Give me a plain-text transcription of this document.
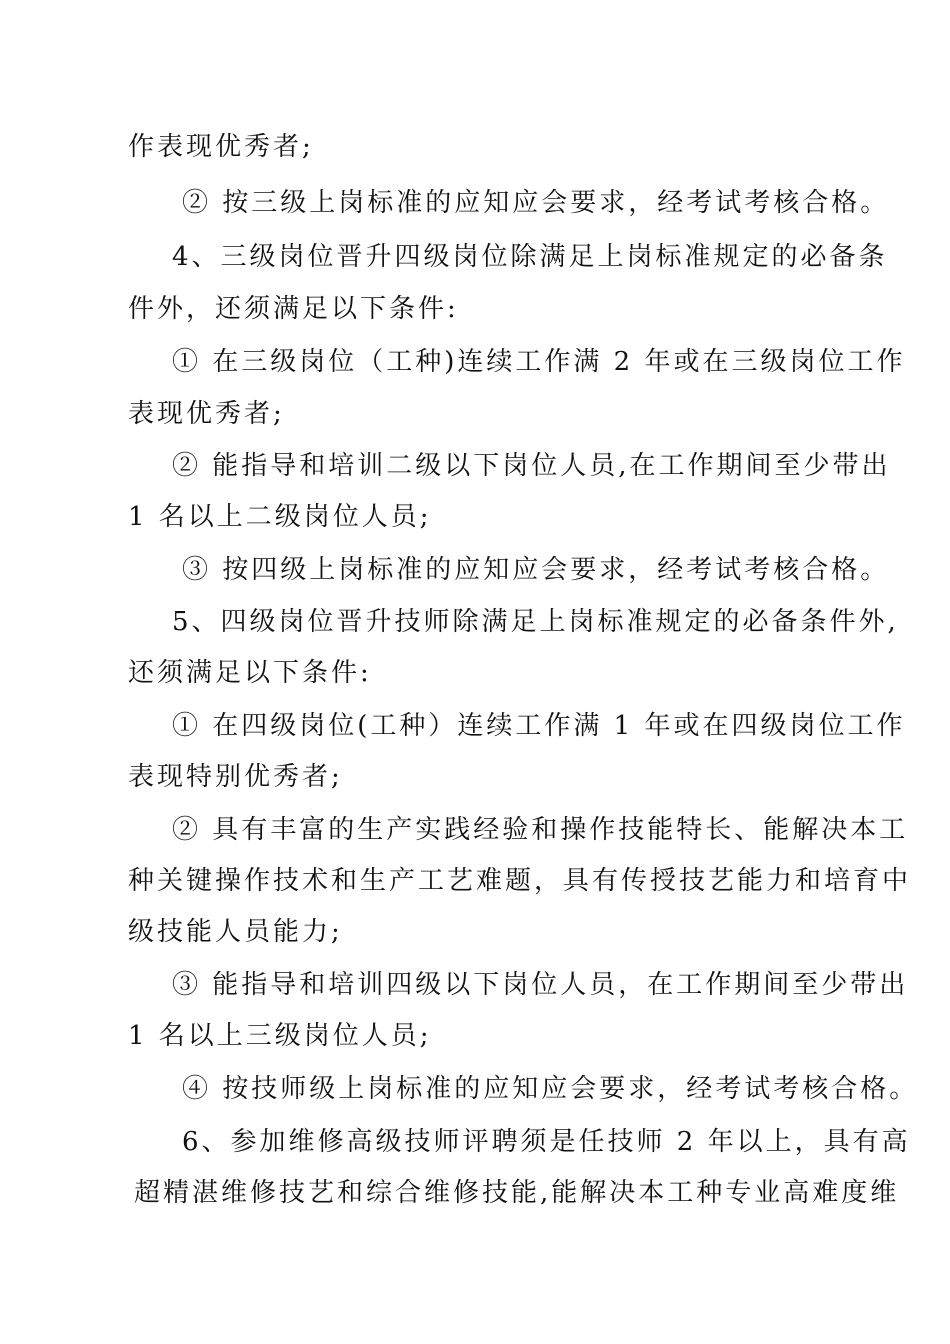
作表现优秀者;
② 按三级上岗标准的应知应会要求，经考试考核合格。
4、三级岗位晋升四级岗位除满足上岗标准规定的必备条
件外，还须满足以下条件:
① 在三级岗位（工种)连续工作满 2 年或在三级岗位工作
表现优秀者;
② 能指导和培训二级以下岗位人员,在工作期间至少带出
1 名以上二级岗位人员;
③ 按四级上岗标准的应知应会要求，经考试考核合格。
5、四级岗位晋升技师除满足上岗标准规定的必备条件外,
还须满足以下条件:
① 在四级岗位(工种）连续工作满 1 年或在四级岗位工作
表现特别优秀者;
② 具有丰富的生产实践经验和操作技能特长、能解决本工
种关键操作技术和生产工艺难题，具有传授技艺能力和培育中
级技能人员能力;
③ 能指导和培训四级以下岗位人员，在工作期间至少带出
1 名以上三级岗位人员;
④ 按技师级上岗标准的应知应会要求，经考试考核合格。
6、参加维修高级技师评聘须是任技师 2 年以上，具有高
超精湛维修技艺和综合维修技能,能解决本工种专业高难度维
